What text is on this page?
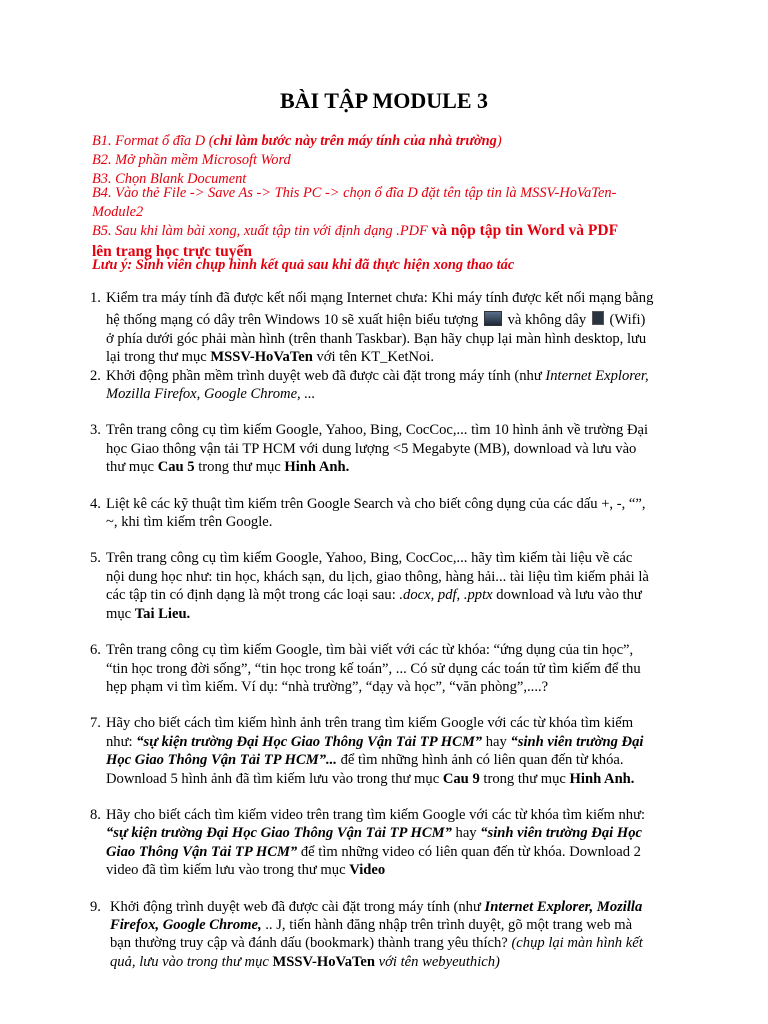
BÀI TẬP MODULE 3
B1. Format ổ đĩa D (chỉ làm bước này trên máy tính của nhà trường)
B2. Mở phần mềm Microsoft Word
B3. Chọn Blank Document
B4. Vào thẻ File -> Save As -> This PC -> chọn ổ đĩa D đặt tên tập tin là MSSV-HoVaTen-
Module2
B5. Sau khi làm bài xong, xuất tập tin với định dạng .PDF và nộp tập tin Word và PDF
lên trang học trực tuyến
Lưu ý: Sinh viên chụp hình kết quả sau khi đã thực hiện xong thao tác
1. Kiểm tra máy tính đã được kết nối mạng Internet chưa: Khi máy tính được kết nối mạng bằng
hệ thống mạng có dây trên Windows 10 sẽ xuất hiện biểu tượng và không dây (Wifi)
ở phía dưới góc phải màn hình (trên thanh Taskbar). Bạn hãy chụp lại màn hình desktop, lưu
lại trong thư mục MSSV-HoVaTen với tên KT_KetNoi.
2. Khởi động phần mềm trình duyệt web đã được cài đặt trong máy tính (như Internet Explorer,
Mozilla Firefox, Google Chrome, ...
3. Trên trang công cụ tìm kiếm Google, Yahoo, Bing, CocCoc,... tìm 10 hình ảnh về trường Đại
học Giao thông vận tải TP HCM với dung lượng <5 Megabyte (MB), download và lưu vào
thư mục Cau 5 trong thư mục Hinh Anh.
4. Liệt kê các kỹ thuật tìm kiếm trên Google Search và cho biết công dụng của các dấu +, -, “”,
~, khi tìm kiếm trên Google.
5. Trên trang công cụ tìm kiếm Google, Yahoo, Bing, CocCoc,... hãy tìm kiếm tài liệu về các
nội dung học như: tin học, khách sạn, du lịch, giao thông, hàng hải... tài liệu tìm kiếm phải là
các tập tin có định dạng là một trong các loại sau: .docx, pdf, .pptx download và lưu vào thư
mục Tai Lieu.
6. Trên trang công cụ tìm kiếm Google, tìm bài viết với các từ khóa: “ứng dụng của tin học”,
“tin học trong đời sống”, “tin học trong kế toán”, ... Có sử dụng các toán tử tìm kiếm để thu
hẹp phạm vi tìm kiếm. Ví dụ: “nhà trường”, “dạy và học”, “văn phòng”,....?
7. Hãy cho biết cách tìm kiếm hình ảnh trên trang tìm kiếm Google với các từ khóa tìm kiếm
như: “sự kiện trường Đại Học Giao Thông Vận Tải TP HCM” hay “sinh viên trường Đại
Học Giao Thông Vận Tải TP HCM”... để tìm những hình ảnh có liên quan đến từ khóa.
Download 5 hình ảnh đã tìm kiếm lưu vào trong thư mục Cau 9 trong thư mục Hinh Anh.
8. Hãy cho biết cách tìm kiếm video trên trang tìm kiếm Google với các từ khóa tìm kiếm như:
“sự kiện trường Đại Học Giao Thông Vận Tải TP HCM” hay “sinh viên trường Đại Học
Giao Thông Vận Tải TP HCM” để tìm những video có liên quan đến từ khóa. Download 2
video đã tìm kiếm lưu vào trong thư mục Video
9. Khởi động trình duyệt web đã được cài đặt trong máy tính (như Internet Explorer, Mozilla
Firefox, Google Chrome, .. J, tiến hành đăng nhập trên trình duyệt, gõ một trang web mà
bạn thường truy cập và đánh dấu (bookmark) thành trang yêu thích? (chụp lại màn hình kết
quả, lưu vào trong thư mục MSSV-HoVaTen với tên webyeuthich)
